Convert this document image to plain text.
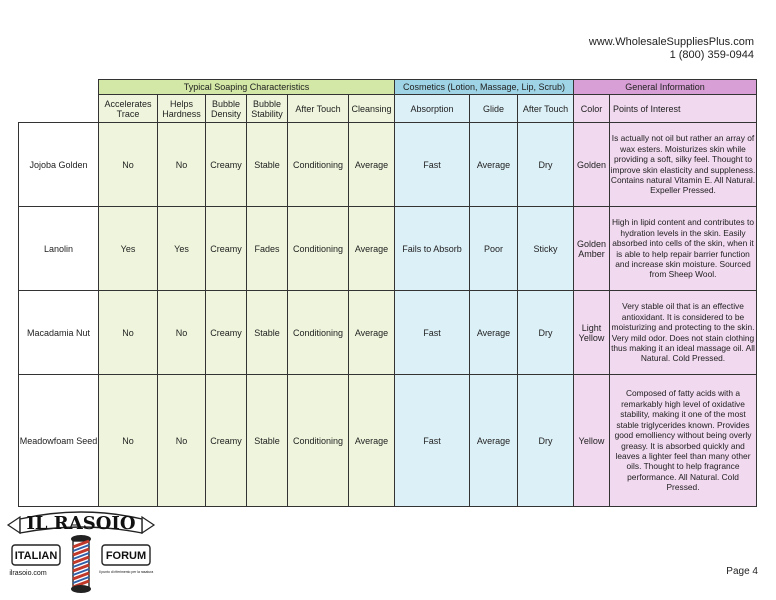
www.WholesaleSuppliesPlus.com
1 (800) 359-0944
	Typical Soaping Characteristics						Cosmetics (Lotion, Massage, Lip, Scrub)			General Information	
	Accelerates Trace	Helps Hardness	Bubble Density	Bubble Stability	After Touch	Cleansing	Absorption	Glide	After Touch	Color	Points of Interest
Jojoba Golden	No	No	Creamy	Stable	Conditioning	Average	Fast	Average	Dry	Golden	Is actually not oil but rather an array of wax esters. Moisturizes skin while providing a soft, silky feel. Thought to improve skin elasticity and suppleness. Contains natural Vitamin E. All Natural. Expeller Pressed.
Lanolin	Yes	Yes	Creamy	Fades	Conditioning	Average	Fails to Absorb	Poor	Sticky	Golden Amber	High in lipid content and contributes to hydration levels in the skin. Easily absorbed into cells of the skin, when it is able to help repair barrier function and increase skin moisture. Sourced from Sheep Wool.
Macadamia Nut	No	No	Creamy	Stable	Conditioning	Average	Fast	Average	Dry	Light Yellow	Very stable oil that is an effective antioxidant. It is considered to be moisturizing and protecting to the skin. Very mild odor. Does not stain clothing thus making it an ideal massage oil. All Natural. Cold Pressed.
Meadowfoam Seed	No	No	Creamy	Stable	Conditioning	Average	Fast	Average	Dry	Yellow	Composed of fatty acids with a remarkably high level of oxidative stability, making it one of the most stable triglycerides known. Provides good emolliency without being overly greasy. It is absorbed quickly and leaves a lighter feel than many other oils. Thought to help fragrance performance. All Natural. Cold Pressed.
IL RASOIO
ITALIAN	FORUM
ilrasoio.com	Il punto di riferimento per la rasatura	Page 4
